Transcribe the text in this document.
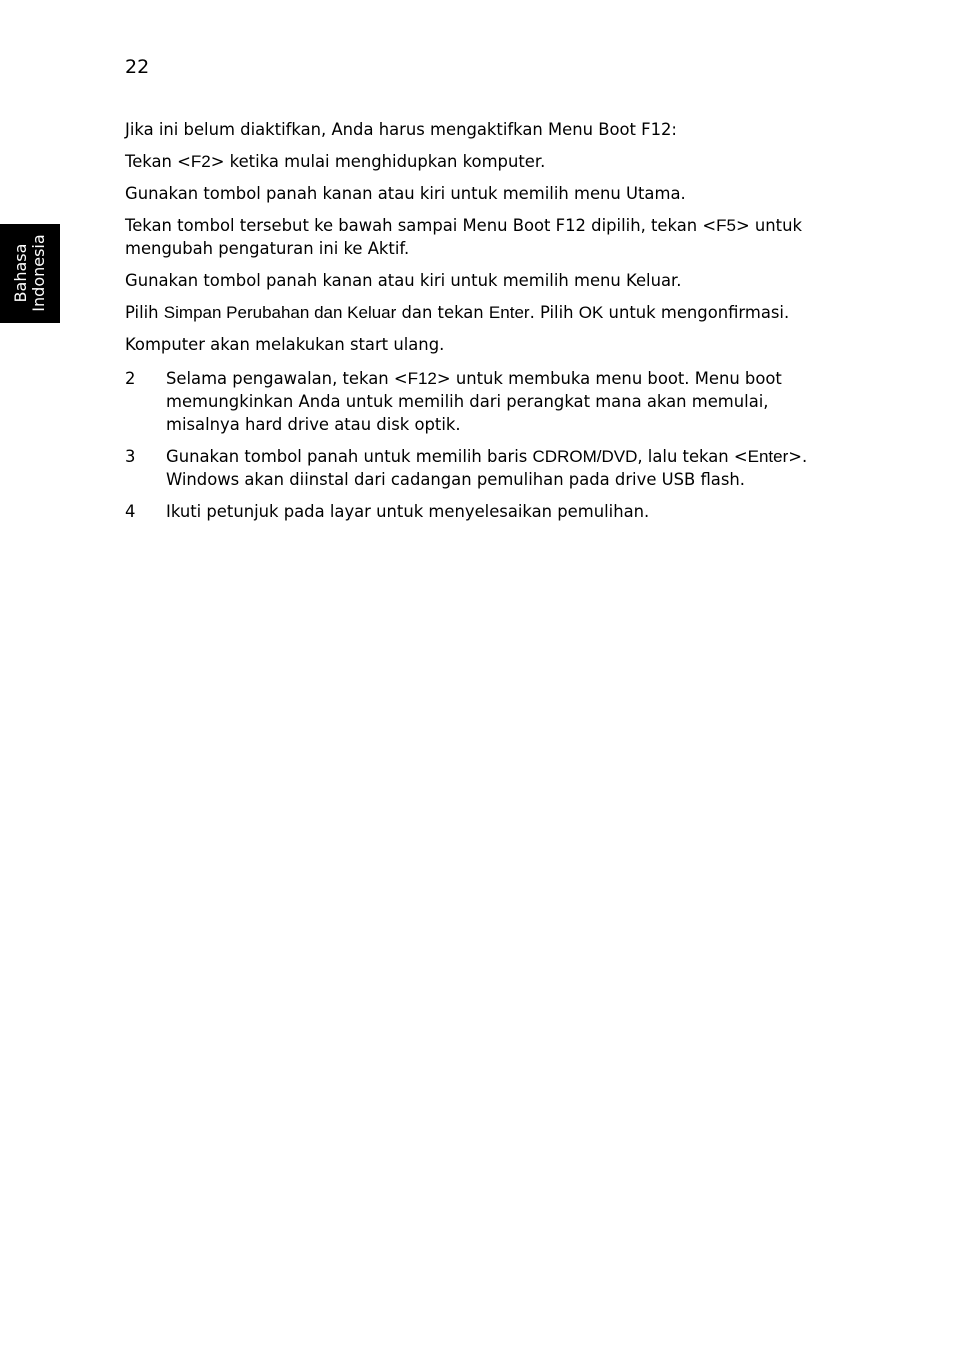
22
Bahasa Indonesia

Jika ini belum diaktifkan, Anda harus mengaktifkan Menu Boot F12:

Tekan <F2> ketika mulai menghidupkan komputer.

Gunakan tombol panah kanan atau kiri untuk memilih menu Utama.

Tekan tombol tersebut ke bawah sampai Menu Boot F12 dipilih, tekan <F5> untuk mengubah pengaturan ini ke Aktif.

Gunakan tombol panah kanan atau kiri untuk memilih menu Keluar.

Pilih Simpan Perubahan dan Keluar dan tekan Enter. Pilih OK untuk mengonfirmasi.

Komputer akan melakukan start ulang.

2	Selama pengawalan, tekan <F12> untuk membuka menu boot. Menu boot memungkinkan Anda untuk memilih dari perangkat mana akan memulai, misalnya hard drive atau disk optik.
3	Gunakan tombol panah untuk memilih baris CDROM/DVD, lalu tekan <Enter>. Windows akan diinstal dari cadangan pemulihan pada drive USB flash.
4	Ikuti petunjuk pada layar untuk menyelesaikan pemulihan.
